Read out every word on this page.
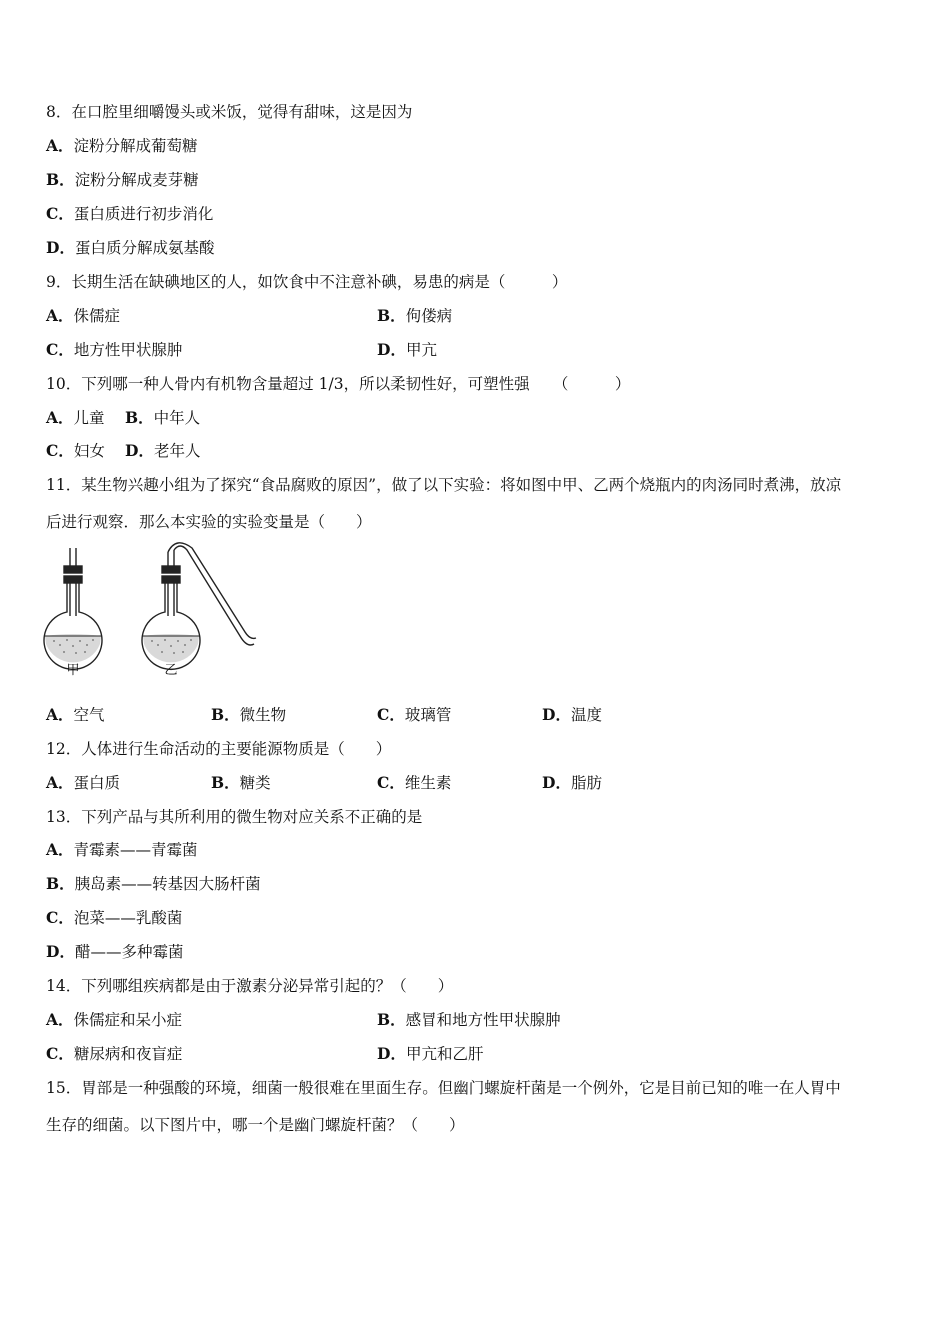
8．在口腔里细嚼馒头或米饭，觉得有甜味，这是因为
A．淀粉分解成葡萄糖
B．淀粉分解成麦芽糖
C．蛋白质进行初步消化
D．蛋白质分解成氨基酸
9．长期生活在缺碘地区的人，如饮食中不注意补碘，易患的病是（　　　）
A．侏儒症	B．佝偻病
C．地方性甲状腺肿	D．甲亢
10．下列哪一种人骨内有机物含量超过 1/3，所以柔韧性好，可塑性强　　（　　　）
A．儿童 B．中年人
C．妇女 D．老年人
11．某生物兴趣小组为了探究“食品腐败的原因”，做了以下实验：将如图中甲、乙两个烧瓶内的肉汤同时煮沸，放凉
后进行观察．那么本实验的实验变量是（　　）
甲	乙
A．空气	B．微生物	C．玻璃管	D．温度
12．人体进行生命活动的主要能源物质是（　　）
A．蛋白质	B．糖类	C．维生素	D．脂肪
13．下列产品与其所利用的微生物对应关系不正确的是
A．青霉素——青霉菌
B．胰岛素——转基因大肠杆菌
C．泡菜——乳酸菌
D．醋——多种霉菌
14．下列哪组疾病都是由于激素分泌异常引起的？（　　）
A．侏儒症和呆小症	B．感冒和地方性甲状腺肿
C．糖尿病和夜盲症	D．甲亢和乙肝
15．胃部是一种强酸的环境，细菌一般很难在里面生存。但幽门螺旋杆菌是一个例外，它是目前已知的唯一在人胃中
生存的细菌。以下图片中，哪一个是幽门螺旋杆菌？（　　）
